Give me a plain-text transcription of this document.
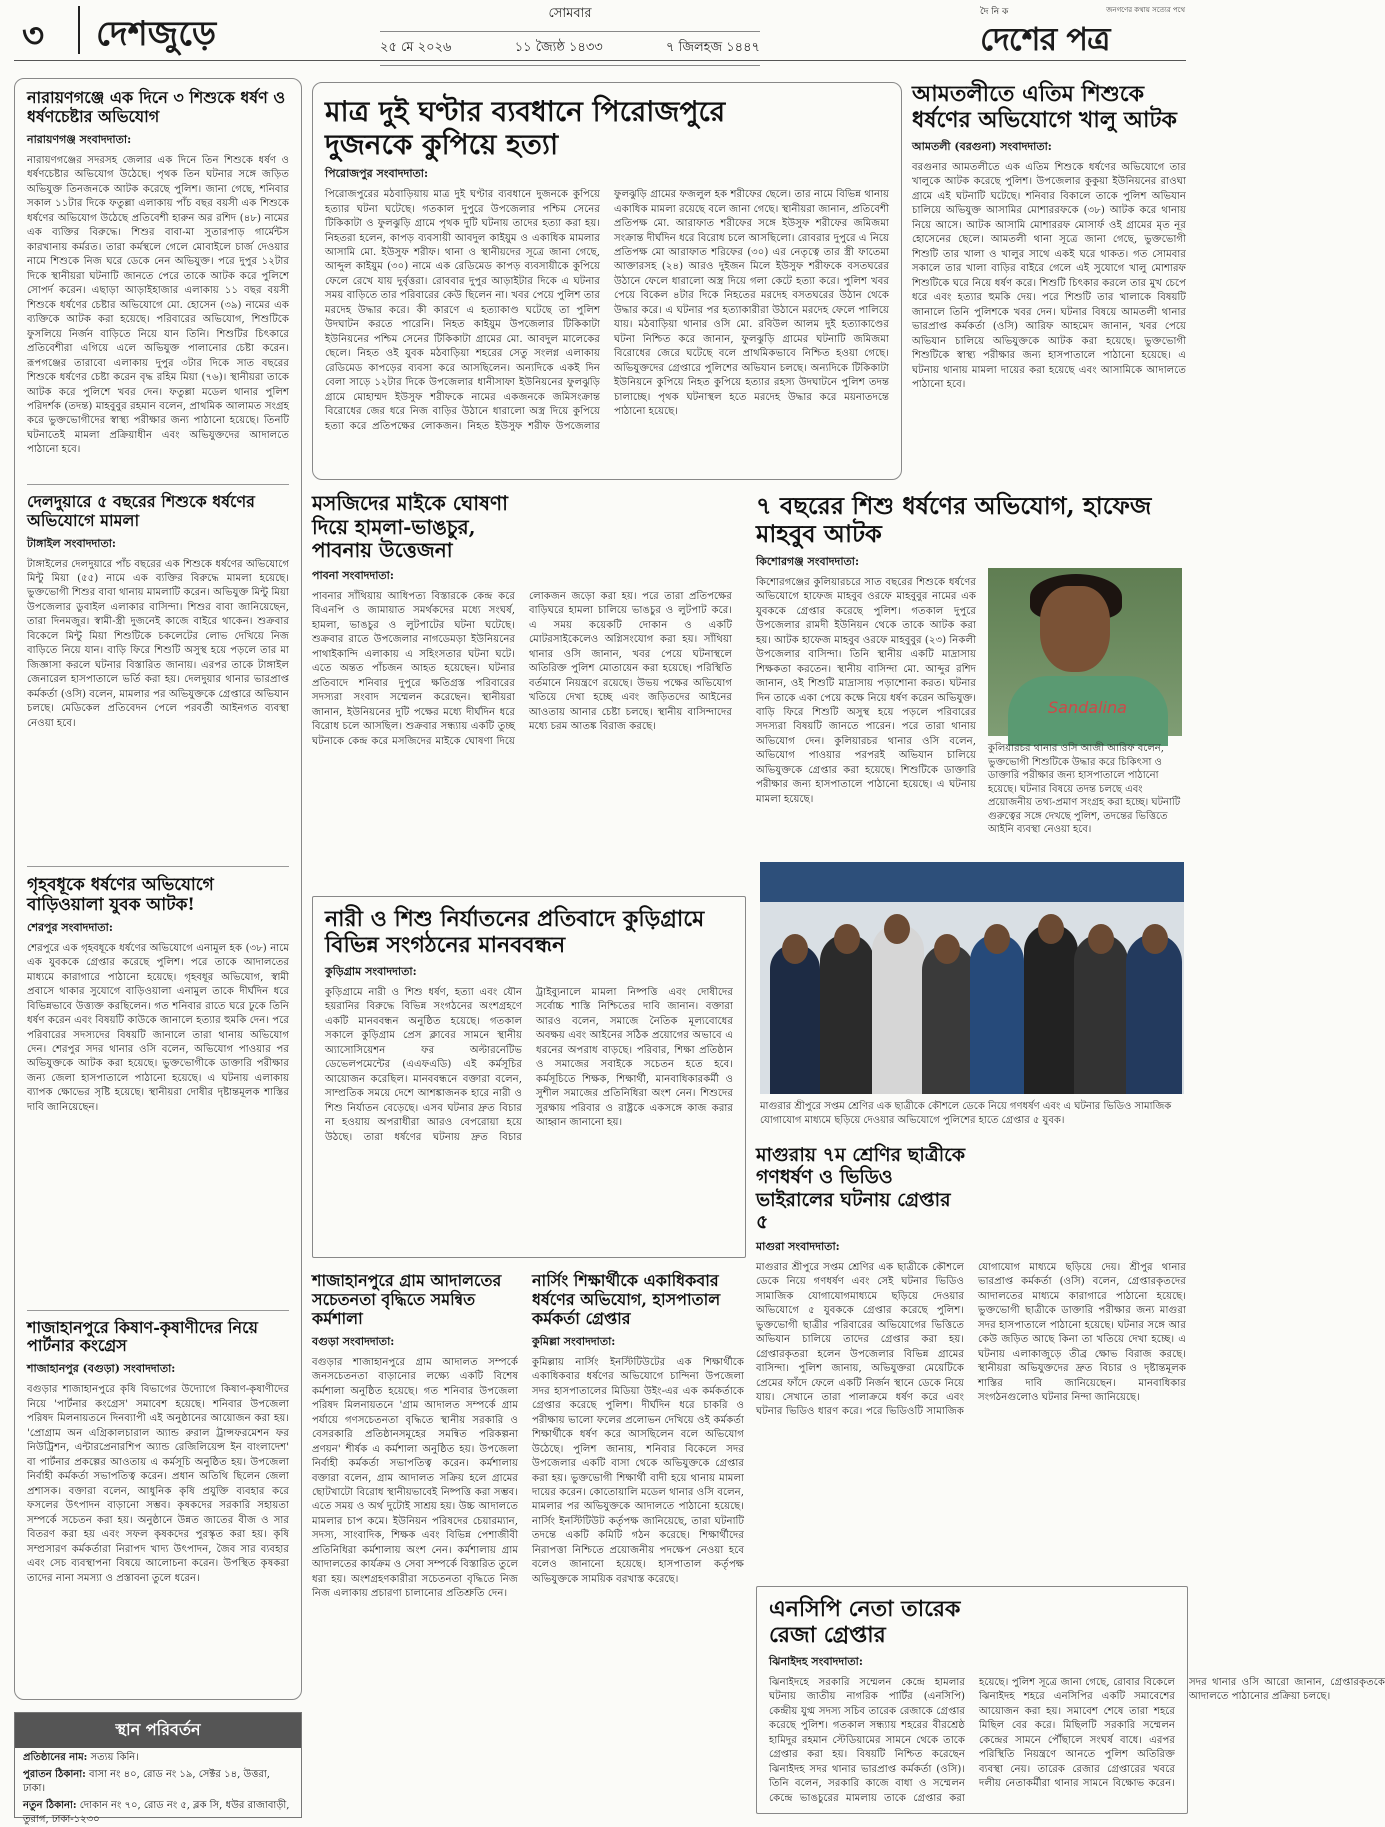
৩ দেশজুড়ে
সোমবার
২৫ মে ২০২৬	১১ জ্যৈষ্ঠ ১৪৩৩	৭ জিলহজ ১৪৪৭
দৈ নি ক	জনগণের কথায় সত্যের পথে
দেশের পত্র
নারায়ণগঞ্জে এক দিনে ৩ শিশুকে ধর্ষণ ও ধর্ষণচেষ্টার অভিযোগ
নারায়ণগঞ্জ সংবাদদাতা:
নারায়ণগঞ্জের সদরসহ জেলার এক দিনে তিন শিশুকে ধর্ষণ ও ধর্ষণচেষ্টার অভিযোগ উঠেছে। পৃথক তিন ঘটনার সঙ্গে জড়িত অভিযুক্ত তিনজনকে আটক করেছে পুলিশ। জানা গেছে, শনিবার সকাল ১১টার দিকে ফতুল্লা এলাকায় পাঁচ বছর বয়সী এক শিশুকে ধর্ষণের অভিযোগ উঠেছে প্রতিবেশী হারুন অর রশিদ (৪৮) নামের এক ব্যক্তির বিরুদ্ধে। শিশুর বাবা-মা সুতারপাড় গার্মেন্টস কারখানায় কর্মরত। তারা কর্মস্থলে গেলে মোবাইলে চার্জ দেওয়ার নামে শিশুকে নিজ ঘরে ডেকে নেন অভিযুক্ত। পরে দুপুর ১২টার দিকে স্থানীয়রা ঘটনাটি জানতে পেরে তাকে আটক করে পুলিশে সোপর্দ করেন। এছাড়া আড়াইহাজার এলাকায় ১১ বছর বয়সী শিশুকে ধর্ষণের চেষ্টার অভিযোগে মো. হোসেন (৩৯) নামের এক ব্যক্তিকে আটক করা হয়েছে। পরিবারের অভিযোগ, শিশুটিকে ফুসলিয়ে নির্জন বাড়িতে নিয়ে যান তিনি। শিশুটির চিৎকারে প্রতিবেশীরা এগিয়ে এলে অভিযুক্ত পালানোর চেষ্টা করেন। রূপগঞ্জের তারাবো এলাকায় দুপুর ৩টার দিকে সাত বছরের শিশুকে ধর্ষণের চেষ্টা করেন বৃদ্ধ রহিম মিয়া (৭৬)। স্থানীয়রা তাকে আটক করে পুলিশে খবর দেন। ফতুল্লা মডেল থানার পুলিশ পরিদর্শক (তদন্ত) মাহবুবুর রহমান বলেন, প্রাথমিক আলামত সংগ্রহ করে ভুক্তভোগীদের স্বাস্থ্য পরীক্ষার জন্য পাঠানো হয়েছে। তিনটি ঘটনাতেই মামলা প্রক্রিয়াধীন এবং অভিযুক্তদের আদালতে পাঠানো হবে।
দেলদুয়ারে ৫ বছরের শিশুকে ধর্ষণের অভিযোগে মামলা
টাঙ্গাইল সংবাদদাতা:
টাঙ্গাইলের দেলদুয়ারে পাঁচ বছরের এক শিশুকে ধর্ষণের অভিযোগে মিন্টু মিয়া (৫৫) নামে এক ব্যক্তির বিরুদ্ধে মামলা হয়েছে। ভুক্তভোগী শিশুর বাবা থানায় মামলাটি করেন। অভিযুক্ত মিন্টু মিয়া উপজেলার ডুবাইল এলাকার বাসিন্দা। শিশুর বাবা জানিয়েছেন, তারা দিনমজুর। স্বামী-স্ত্রী দুজনেই কাজে বাইরে থাকেন। শুক্রবার বিকেলে মিন্টু মিয়া শিশুটিকে চকলেটের লোভ দেখিয়ে নিজ বাড়িতে নিয়ে যান। বাড়ি ফিরে শিশুটি অসুস্থ হয়ে পড়লে তার মা জিজ্ঞাসা করলে ঘটনার বিস্তারিত জানায়। এরপর তাকে টাঙ্গাইল জেনারেল হাসপাতালে ভর্তি করা হয়। দেলদুয়ার থানার ভারপ্রাপ্ত কর্মকর্তা (ওসি) বলেন, মামলার পর অভিযুক্তকে গ্রেপ্তারে অভিযান চলছে। মেডিকেল প্রতিবেদন পেলে পরবর্তী আইনগত ব্যবস্থা নেওয়া হবে।
গৃহবধূকে ধর্ষণের অভিযোগে বাড়িওয়ালা যুবক আটক!
শেরপুর সংবাদদাতা:
শেরপুরে এক গৃহবধূকে ধর্ষণের অভিযোগে এনামুল হক (৩৮) নামে এক যুবককে গ্রেপ্তার করেছে পুলিশ। পরে তাকে আদালতের মাধ্যমে কারাগারে পাঠানো হয়েছে। গৃহবধূর অভিযোগ, স্বামী প্রবাসে থাকার সুযোগে বাড়িওয়ালা এনামুল তাকে দীর্ঘদিন ধরে বিভিন্নভাবে উত্ত্যক্ত করছিলেন। গত শনিবার রাতে ঘরে ঢুকে তিনি ধর্ষণ করেন এবং বিষয়টি কাউকে জানালে হত্যার হুমকি দেন। পরে পরিবারের সদস্যদের বিষয়টি জানালে তারা থানায় অভিযোগ দেন। শেরপুর সদর থানার ওসি বলেন, অভিযোগ পাওয়ার পর অভিযুক্তকে আটক করা হয়েছে। ভুক্তভোগীকে ডাক্তারি পরীক্ষার জন্য জেলা হাসপাতালে পাঠানো হয়েছে। এ ঘটনায় এলাকায় ব্যাপক ক্ষোভের সৃষ্টি হয়েছে। স্থানীয়রা দোষীর দৃষ্টান্তমূলক শাস্তির দাবি জানিয়েছেন।
শাজাহানপুরে কিষাণ-কৃষাণীদের নিয়ে পার্টনার কংগ্রেস
শাজাহানপুর (বগুড়া) সংবাদদাতা:
বগুড়ার শাজাহানপুরে কৃষি বিভাগের উদ্যোগে কিষাণ-কৃষাণীদের নিয়ে 'পার্টনার কংগ্রেস' সমাবেশ হয়েছে। শনিবার উপজেলা পরিষদ মিলনায়তনে দিনব্যাপী এই অনুষ্ঠানের আয়োজন করা হয়। 'প্রোগ্রাম অন এগ্রিকালচারাল অ্যান্ড রুরাল ট্রান্সফরমেশন ফর নিউট্রিশন, এন্টারপ্রেনারশিপ অ্যান্ড রেজিলিয়েন্স ইন বাংলাদেশ' বা পার্টনার প্রকল্পের আওতায় এ কর্মসূচি অনুষ্ঠিত হয়। উপজেলা নির্বাহী কর্মকর্তা সভাপতিত্ব করেন। প্রধান অতিথি ছিলেন জেলা প্রশাসক। বক্তারা বলেন, আধুনিক কৃষি প্রযুক্তি ব্যবহার করে ফসলের উৎপাদন বাড়ানো সম্ভব। কৃষকদের সরকারি সহায়তা সম্পর্কে সচেতন করা হয়। অনুষ্ঠানে উন্নত জাতের বীজ ও সার বিতরণ করা হয় এবং সফল কৃষকদের পুরস্কৃত করা হয়। কৃষি সম্প্রসারণ কর্মকর্তারা নিরাপদ খাদ্য উৎপাদন, জৈব সার ব্যবহার এবং সেচ ব্যবস্থাপনা বিষয়ে আলোচনা করেন। উপস্থিত কৃষকরা তাদের নানা সমস্যা ও প্রস্তাবনা তুলে ধরেন।
স্থান পরিবর্তন
প্রতিষ্ঠানের নাম: সত্যয় কিনি।
পুরাতন ঠিকানা: বাসা নং ৪০, রোড নং ১৯, সেক্টর ১৪, উত্তরা, ঢাকা।
নতুন ঠিকানা: দোকান নং ৭০, রোড নং ৫, ব্লক সি, ধউর রাজাবাড়ী, তুরাগ, ঢাকা-১২৩০
মাত্র দুই ঘণ্টার ব্যবধানে পিরোজপুরে দুজনকে কুপিয়ে হত্যা
পিরোজপুর সংবাদদাতা:
পিরোজপুরের মঠবাড়িয়ায় মাত্র দুই ঘণ্টার ব্যবধানে দুজনকে কুপিয়ে হত্যার ঘটনা ঘটেছে। গতকাল দুপুরে উপজেলার পশ্চিম সেনের টিকিকাটা ও ফুলঝুড়ি গ্রামে পৃথক দুটি ঘটনায় তাদের হত্যা করা হয়। নিহতরা হলেন, কাপড় ব্যবসায়ী আবদুল কাইয়ুম ও একাধিক মামলার আসামি মো. ইউসুফ শরীফ। থানা ও স্থানীয়দের সূত্রে জানা গেছে, আব্দুল কাইয়ুম (৩০) নামে এক রেডিমেড কাপড় ব্যবসায়ীকে কুপিয়ে ফেলে রেখে যায় দুর্বৃত্তরা। রোববার দুপুর আড়াইটার দিকে এ ঘটনার সময় বাড়িতে তার পরিবারের কেউ ছিলেন না। খবর পেয়ে পুলিশ তার মরদেহ উদ্ধার করে। কী কারণে এ হত্যাকাণ্ড ঘটেছে তা পুলিশ উদঘাটন করতে পারেনি। নিহত কাইয়ুম উপজেলার টিকিকাটা ইউনিয়নের পশ্চিম সেনের টিকিকাটা গ্রামের মো. আবদুল মালেকের ছেলে। নিহত ওই যুবক মঠবাড়িয়া শহরের সেতু সংলগ্ন এলাকায় রেডিমেড কাপড়ের ব্যবসা করে আসছিলেন। অন্যদিকে একই দিন বেলা সাড়ে ১২টার দিকে উপজেলার ধানীসাফা ইউনিয়নের ফুলঝুড়ি গ্রামে মোহাম্মদ ইউসুফ শরীফকে নামের একজনকে জমিসংক্রান্ত বিরোধের জের ধরে নিজ বাড়ির উঠানে ধারালো অস্ত্র দিয়ে কুপিয়ে হত্যা করে প্রতিপক্ষের লোকজন। নিহত ইউসুফ শরীফ উপজেলার ফুলঝুড়ি গ্রামের ফজলুল হক শরীফের ছেলে। তার নামে বিভিন্ন থানায় একাধিক মামলা রয়েছে বলে জানা গেছে। স্থানীয়রা জানান, প্রতিবেশী প্রতিপক্ষ মো. আরাফাত শরীফের সঙ্গে ইউসুফ শরীফের জমিজমা সংক্রান্ত দীর্ঘদিন ধরে বিরোধ চলে আসছিলো। রোবরার দুপুরে এ নিয়ে প্রতিপক্ষ মো আরাফাত শরিফের (৩০) এর নেতৃত্বে তার স্ত্রী ফাতেমা আক্তারসহ (২৪) আরও দুইজন মিলে ইউসুফ শরীফকে বসতঘরের উঠানে ফেলে ধারালো অস্ত্র দিয়ে গলা কেটে হত্যা করে। পুলিশ খবর পেয়ে বিকেল ৪টার দিকে নিহতের মরদেহ বসতঘরের উঠান থেকে উদ্ধার করে। এ ঘটনার পর হত্যাকারীরা উঠানে মরদেহ ফেলে পালিয়ে যায়। মঠবাড়িয়া থানার ওসি মো. রবিউল আলম দুই হত্যাকাণ্ডের ঘটনা নিশ্চিত করে জানান, ফুলঝুড়ি গ্রামের ঘটনাটি জমিজমা বিরোধের জেরে ঘটেছে বলে প্রাথমিকভাবে নিশ্চিত হওয়া গেছে। অভিযুক্তদের গ্রেপ্তারে পুলিশের অভিযান চলছে। অন্যদিকে টিকিকাটা ইউনিয়নে কুপিয়ে নিহত কুপিয়ে হত্যার রহস্য উদঘাটনে পুলিশ তদন্ত চালাচ্ছে। পৃথক ঘটনাস্থল হতে মরদেহ উদ্ধার করে ময়নাতদন্তে পাঠানো হয়েছে।
আমতলীতে এতিম শিশুকে ধর্ষণের অভিযোগে খালু আটক
আমতলী (বরগুনা) সংবাদদাতা:
বরগুনার আমতলীতে এক এতিম শিশুকে ধর্ষণের অভিযোগে তার খালুকে আটক করেছে পুলিশ। উপজেলার কুকুয়া ইউনিয়নের রাওঘা গ্রামে এই ঘটনাটি ঘটেছে। শনিবার বিকালে তাকে পুলিশ অভিযান চালিয়ে অভিযুক্ত আসামির মোশাররফকে (৩৮) আটক করে থানায় নিয়ে আসে। আটক আসামি মোশাররফ মোসার্ফ ওই গ্রামের মৃত নূর হোসেনের ছেলে। আমতলী থানা সূত্রে জানা গেছে, ভুক্তভোগী শিশুটি তার খালা ও খালুর সাথে একই ঘরে থাকত। গত সোমবার সকালে তার খালা বাড়ির বাইরে গেলে এই সুযোগে খালু মোশারফ শিশুটিকে ঘরে নিয়ে ধর্ষণ করে। শিশুটি চিৎকার করলে তার মুখ চেপে ধরে এবং হত্যার হুমকি দেয়। পরে শিশুটি তার খালাকে বিষয়টি জানালে তিনি পুলিশকে খবর দেন। ঘটনার বিষয়ে আমতলী থানার ভারপ্রাপ্ত কর্মকর্তা (ওসি) আরিফ আহমেদ জানান, খবর পেয়ে অভিযান চালিয়ে অভিযুক্তকে আটক করা হয়েছে। ভুক্তভোগী শিশুটিকে স্বাস্থ্য পরীক্ষার জন্য হাসপাতালে পাঠানো হয়েছে। এ ঘটনায় থানায় মামলা দায়ের করা হয়েছে এবং আসামিকে আদালতে পাঠানো হবে।
মসজিদের মাইকে ঘোষণা দিয়ে হামলা-ভাঙচুর, পাবনায় উত্তেজনা
পাবনা সংবাদদাতা:
পাবনার সাঁথিয়ায় আধিপত্য বিস্তারকে কেন্দ্র করে বিএনপি ও জামায়াত সমর্থকদের মধ্যে সংঘর্ষ, হামলা, ভাঙচুর ও লুটপাটের ঘটনা ঘটেছে। শুক্রবার রাতে উপজেলার নাগডেমড়া ইউনিয়নের পাথাইকান্দি এলাকায় এ সহিংসতার ঘটনা ঘটে। এতে অন্তত পাঁচজন আহত হয়েছেন। ঘটনার প্রতিবাদে শনিবার দুপুরে ক্ষতিগ্রস্ত পরিবারের সদস্যরা সংবাদ সম্মেলন করেছেন। স্থানীয়রা জানান, ইউনিয়নের দুটি পক্ষের মধ্যে দীর্ঘদিন ধরে বিরোধ চলে আসছিল। শুক্রবার সন্ধ্যায় একটি তুচ্ছ ঘটনাকে কেন্দ্র করে মসজিদের মাইকে ঘোষণা দিয়ে লোকজন জড়ো করা হয়। পরে তারা প্রতিপক্ষের বাড়িঘরে হামলা চালিয়ে ভাঙচুর ও লুটপাট করে। এ সময় কয়েকটি দোকান ও একটি মোটরসাইকেলেও অগ্নিসংযোগ করা হয়। সাঁথিয়া থানার ওসি জানান, খবর পেয়ে ঘটনাস্থলে অতিরিক্ত পুলিশ মোতায়েন করা হয়েছে। পরিস্থিতি বর্তমানে নিয়ন্ত্রণে রয়েছে। উভয় পক্ষের অভিযোগ খতিয়ে দেখা হচ্ছে এবং জড়িতদের আইনের আওতায় আনার চেষ্টা চলছে। স্থানীয় বাসিন্দাদের মধ্যে চরম আতঙ্ক বিরাজ করছে।
৭ বছরের শিশু ধর্ষণের অভিযোগ, হাফেজ মাহবুব আটক
কিশোরগঞ্জ সংবাদদাতা:
কিশোরগঞ্জের কুলিয়ারচরে সাত বছরের শিশুকে ধর্ষণের অভিযোগে হাফেজ মাহবুব ওরফে মাহবুবুর নামের এক যুবককে গ্রেপ্তার করেছে পুলিশ। গতকাল দুপুরে উপজেলার রামদী ইউনিয়ন থেকে তাকে আটক করা হয়। আটক হাফেজ মাহবুব ওরফে মাহবুবুর (২৩) নিকলী উপজেলার বাসিন্দা। তিনি স্থানীয় একটি মাদ্রাসায় শিক্ষকতা করতেন। স্থানীয় বাসিন্দা মো. আব্দুর রশিদ জানান, ওই শিশুটি মাদ্রাসায় পড়াশোনা করত। ঘটনার দিন তাকে একা পেয়ে কক্ষে নিয়ে ধর্ষণ করেন অভিযুক্ত। বাড়ি ফিরে শিশুটি অসুস্থ হয়ে পড়লে পরিবারের সদস্যরা বিষয়টি জানতে পারেন। পরে তারা থানায় অভিযোগ দেন। কুলিয়ারচর থানার ওসি বলেন, অভিযোগ পাওয়ার পরপরই অভিযান চালিয়ে অভিযুক্তকে গ্রেপ্তার করা হয়েছে। শিশুটিকে ডাক্তারি পরীক্ষার জন্য হাসপাতালে পাঠানো হয়েছে। এ ঘটনায় মামলা হয়েছে।
Sandalina
কুলিয়ারচর থানার ওসি আজী আরিফ বলেন, ভুক্তভোগী শিশুটিকে উদ্ধার করে চিকিৎসা ও ডাক্তারি পরীক্ষার জন্য হাসপাতালে পাঠানো হয়েছে। ঘটনার বিষয়ে তদন্ত চলছে এবং প্রয়োজনীয় তথ্য-প্রমাণ সংগ্রহ করা হচ্ছে। ঘটনাটি গুরুত্বের সঙ্গে দেখছে পুলিশ, তদন্তের ভিত্তিতে আইনি ব্যবস্থা নেওয়া হবে।
নারী ও শিশু নির্যাতনের প্রতিবাদে কুড়িগ্রামে বিভিন্ন সংগঠনের মানববন্ধন
কুড়িগ্রাম সংবাদদাতা:
কুড়িগ্রামে নারী ও শিশু ধর্ষণ, হত্যা এবং যৌন হয়রানির বিরুদ্ধে বিভিন্ন সংগঠনের অংশগ্রহণে একটি মানববন্ধন অনুষ্ঠিত হয়েছে। গতকাল সকালে কুড়িগ্রাম প্রেস ক্লাবের সামনে স্থানীয় অ্যাসোসিয়েশন ফর অল্টারনেটিভ ডেভেলপমেন্টের (এএফএডি) এই কর্মসূচির আয়োজন করেছিল। মানববন্ধনে বক্তারা বলেন, সাম্প্রতিক সময়ে দেশে আশঙ্কাজনক হারে নারী ও শিশু নির্যাতন বেড়েছে। এসব ঘটনার দ্রুত বিচার না হওয়ায় অপরাধীরা আরও বেপরোয়া হয়ে উঠছে। তারা ধর্ষণের ঘটনায় দ্রুত বিচার ট্রাইব্যুনালে মামলা নিষ্পত্তি এবং দোষীদের সর্বোচ্চ শাস্তি নিশ্চিতের দাবি জানান। বক্তারা আরও বলেন, সমাজে নৈতিক মূল্যবোধের অবক্ষয় এবং আইনের সঠিক প্রয়োগের অভাবে এ ধরনের অপরাধ বাড়ছে। পরিবার, শিক্ষা প্রতিষ্ঠান ও সমাজের সবাইকে সচেতন হতে হবে। কর্মসূচিতে শিক্ষক, শিক্ষার্থী, মানবাধিকারকর্মী ও সুশীল সমাজের প্রতিনিধিরা অংশ নেন। শিশুদের সুরক্ষায় পরিবার ও রাষ্ট্রকে একসঙ্গে কাজ করার আহ্বান জানানো হয়।
মাগুরার শ্রীপুরে সপ্তম শ্রেণির এক ছাত্রীকে কৌশলে ডেকে নিয়ে গণধর্ষণ এবং এ ঘটনার ভিডিও সামাজিক যোগাযোগ মাধ্যমে ছড়িয়ে দেওয়ার অভিযোগে পুলিশের হাতে গ্রেপ্তার ৫ যুবক।
মাগুরায় ৭ম শ্রেণির ছাত্রীকে গণধর্ষণ ও ভিডিও ভাইরালের ঘটনায় গ্রেপ্তার ৫
মাগুরা সংবাদদাতা:
মাগুরার শ্রীপুরে সপ্তম শ্রেণির এক ছাত্রীকে কৌশলে ডেকে নিয়ে গণধর্ষণ এবং সেই ঘটনার ভিডিও সামাজিক যোগাযোগমাধ্যমে ছড়িয়ে দেওয়ার অভিযোগে ৫ যুবককে গ্রেপ্তার করেছে পুলিশ। ভুক্তভোগী ছাত্রীর পরিবারের অভিযোগের ভিত্তিতে অভিযান চালিয়ে তাদের গ্রেপ্তার করা হয়। গ্রেপ্তারকৃতরা হলেন উপজেলার বিভিন্ন গ্রামের বাসিন্দা। পুলিশ জানায়, অভিযুক্তরা মেয়েটিকে প্রেমের ফাঁদে ফেলে একটি নির্জন স্থানে ডেকে নিয়ে যায়। সেখানে তারা পালাক্রমে ধর্ষণ করে এবং ঘটনার ভিডিও ধারণ করে। পরে ভিডিওটি সামাজিক যোগাযোগ মাধ্যমে ছড়িয়ে দেয়। শ্রীপুর থানার ভারপ্রাপ্ত কর্মকর্তা (ওসি) বলেন, গ্রেপ্তারকৃতদের আদালতের মাধ্যমে কারাগারে পাঠানো হয়েছে। ভুক্তভোগী ছাত্রীকে ডাক্তারি পরীক্ষার জন্য মাগুরা সদর হাসপাতালে পাঠানো হয়েছে। ঘটনার সঙ্গে আর কেউ জড়িত আছে কিনা তা খতিয়ে দেখা হচ্ছে। এ ঘটনায় এলাকাজুড়ে তীব্র ক্ষোভ বিরাজ করছে। স্থানীয়রা অভিযুক্তদের দ্রুত বিচার ও দৃষ্টান্তমূলক শাস্তির দাবি জানিয়েছেন। মানবাধিকার সংগঠনগুলোও ঘটনার নিন্দা জানিয়েছে।
শাজাহানপুরে গ্রাম আদালতের সচেতনতা বৃদ্ধিতে সমন্বিত কর্মশালা
বগুড়া সংবাদদাতা:
বগুড়ার শাজাহানপুরে গ্রাম আদালত সম্পর্কে জনসচেতনতা বাড়ানোর লক্ষ্যে একটি বিশেষ কর্মশালা অনুষ্ঠিত হয়েছে। গত শনিবার উপজেলা পরিষদ মিলনায়তনে 'গ্রাম আদালত সম্পর্কে গ্রাম পর্যায়ে গণসচেতনতা বৃদ্ধিতে স্থানীয় সরকারি ও বেসরকারি প্রতিষ্ঠানসমূহের সমন্বিত পরিকল্পনা প্রণয়ন' শীর্ষক এ কর্মশালা অনুষ্ঠিত হয়। উপজেলা নির্বাহী কর্মকর্তা সভাপতিত্ব করেন। কর্মশালায় বক্তারা বলেন, গ্রাম আদালত সক্রিয় হলে গ্রামের ছোটখাটো বিরোধ স্থানীয়ভাবেই নিষ্পত্তি করা সম্ভব। এতে সময় ও অর্থ দুটোই সাশ্রয় হয়। উচ্চ আদালতে মামলার চাপ কমে। ইউনিয়ন পরিষদের চেয়ারম্যান, সদস্য, সাংবাদিক, শিক্ষক এবং বিভিন্ন পেশাজীবী প্রতিনিধিরা কর্মশালায় অংশ নেন। কর্মশালায় গ্রাম আদালতের কার্যক্রম ও সেবা সম্পর্কে বিস্তারিত তুলে ধরা হয়। অংশগ্রহণকারীরা সচেতনতা বৃদ্ধিতে নিজ নিজ এলাকায় প্রচারণা চালানোর প্রতিশ্রুতি দেন।
নার্সিং শিক্ষার্থীকে একাধিকবার ধর্ষণের অভিযোগ, হাসপাতাল কর্মকর্তা গ্রেপ্তার
কুমিল্লা সংবাদদাতা:
কুমিল্লায় নার্সিং ইনস্টিটিউটের এক শিক্ষার্থীকে একাধিকবার ধর্ষণের অভিযোগে চান্দিনা উপজেলা সদর হাসপাতালের মিডিয়া উইং-এর এক কর্মকর্তাকে গ্রেপ্তার করেছে পুলিশ। দীর্ঘদিন ধরে চাকরি ও পরীক্ষায় ভালো ফলের প্রলোভন দেখিয়ে ওই কর্মকর্তা শিক্ষার্থীকে ধর্ষণ করে আসছিলেন বলে অভিযোগ উঠেছে। পুলিশ জানায়, শনিবার বিকেলে সদর উপজেলার একটি বাসা থেকে অভিযুক্তকে গ্রেপ্তার করা হয়। ভুক্তভোগী শিক্ষার্থী বাদী হয়ে থানায় মামলা দায়ের করেন। কোতোয়ালি মডেল থানার ওসি বলেন, মামলার পর অভিযুক্তকে আদালতে পাঠানো হয়েছে। নার্সিং ইনস্টিটিউট কর্তৃপক্ষ জানিয়েছে, তারা ঘটনাটি তদন্তে একটি কমিটি গঠন করেছে। শিক্ষার্থীদের নিরাপত্তা নিশ্চিতে প্রয়োজনীয় পদক্ষেপ নেওয়া হবে বলেও জানানো হয়েছে। হাসপাতাল কর্তৃপক্ষ অভিযুক্তকে সাময়িক বরখাস্ত করেছে।
এনসিপি নেতা তারেক রেজা গ্রেপ্তার
ঝিনাইদহ সংবাদদাতা:
ঝিনাইদহে সরকারি সম্মেলন কেন্দ্রে হামলার ঘটনায় জাতীয় নাগরিক পার্টির (এনসিপি) কেন্দ্রীয় যুগ্ম সদস্য সচিব তারেক রেজাকে গ্রেপ্তার করেছে পুলিশ। গতকাল সন্ধ্যায় শহরের বীরশ্রেষ্ঠ হামিদুর রহমান স্টেডিয়ামের সামনে থেকে তাকে গ্রেপ্তার করা হয়। বিষয়টি নিশ্চিত করেছেন ঝিনাইদহ সদর থানার ভারপ্রাপ্ত কর্মকর্তা (ওসি)। তিনি বলেন, সরকারি কাজে বাধা ও সম্মেলন কেন্দ্রে ভাঙচুরের মামলায় তাকে গ্রেপ্তার করা হয়েছে। পুলিশ সূত্রে জানা গেছে, রোবার বিকেলে ঝিনাইদহ শহরে এনসিপির একটি সমাবেশের আয়োজন করা হয়। সমাবেশ শেষে তারা শহরে মিছিল বের করে। মিছিলটি সরকারি সম্মেলন কেন্দ্রের সামনে পৌঁছালে সংঘর্ষ বাধে। এরপর পরিস্থিতি নিয়ন্ত্রণে আনতে পুলিশ অতিরিক্ত ব্যবস্থা নেয়। তারেক রেজার গ্রেপ্তারের খবরে দলীয় নেতাকর্মীরা থানার সামনে বিক্ষোভ করেন। সদর থানার ওসি আরো জানান, গ্রেপ্তারকৃতকে আদালতে পাঠানোর প্রক্রিয়া চলছে।
